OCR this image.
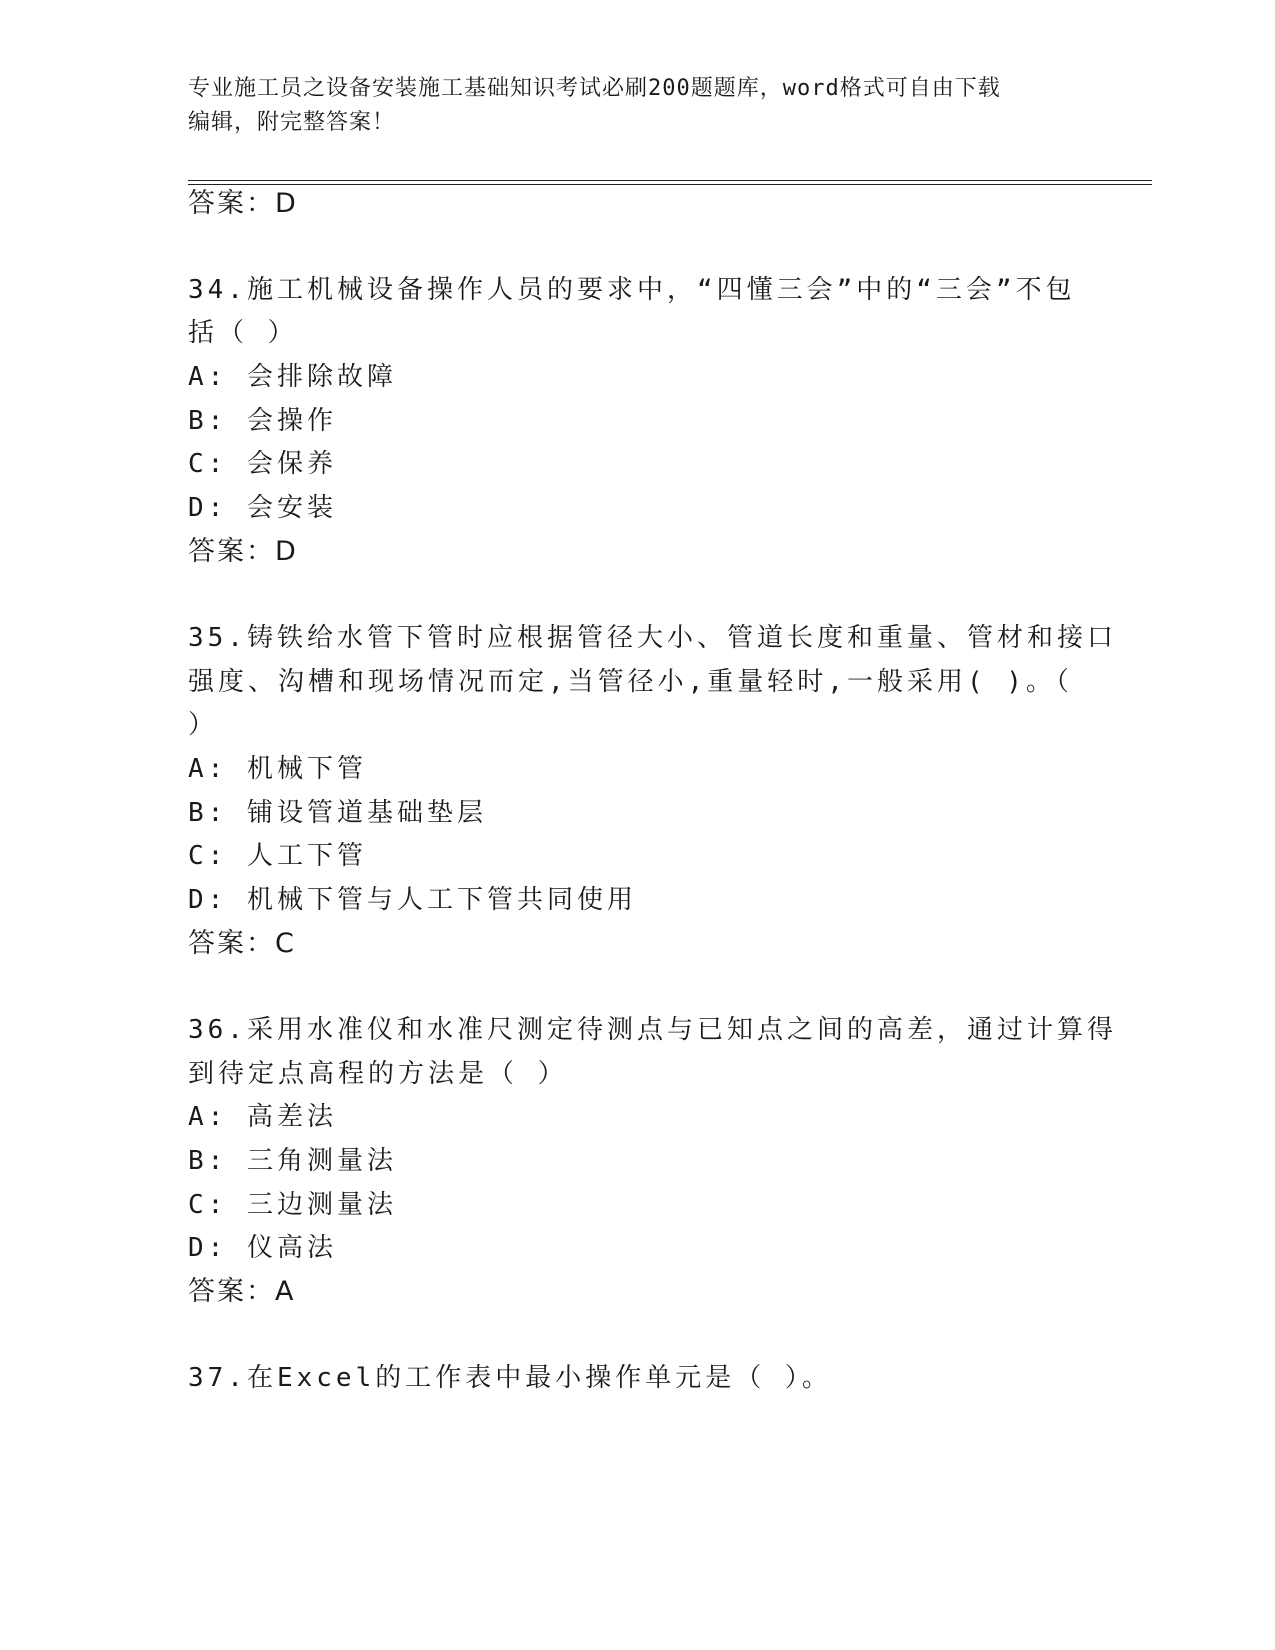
专业施工员之设备安装施工基础知识考试必刷200题题库，word格式可自由下载
编辑，附完整答案！
答案：D
34.施工机械设备操作人员的要求中，“四懂三会”中的“三会”不包
括（ ）
A: 会排除故障
B: 会操作
C: 会保养
D: 会安装
答案：D
35.铸铁给水管下管时应根据管径大小、管道长度和重量、管材和接口
强度、沟槽和现场情况而定,当管径小,重量轻时,一般采用( )。（
）
A: 机械下管
B: 铺设管道基础垫层
C: 人工下管
D: 机械下管与人工下管共同使用
答案：C
36.采用水准仪和水准尺测定待测点与已知点之间的高差，通过计算得
到待定点高程的方法是（ ）
A: 高差法
B: 三角测量法
C: 三边测量法
D: 仪高法
答案：A
37.在Excel的工作表中最小操作单元是（ ）。
